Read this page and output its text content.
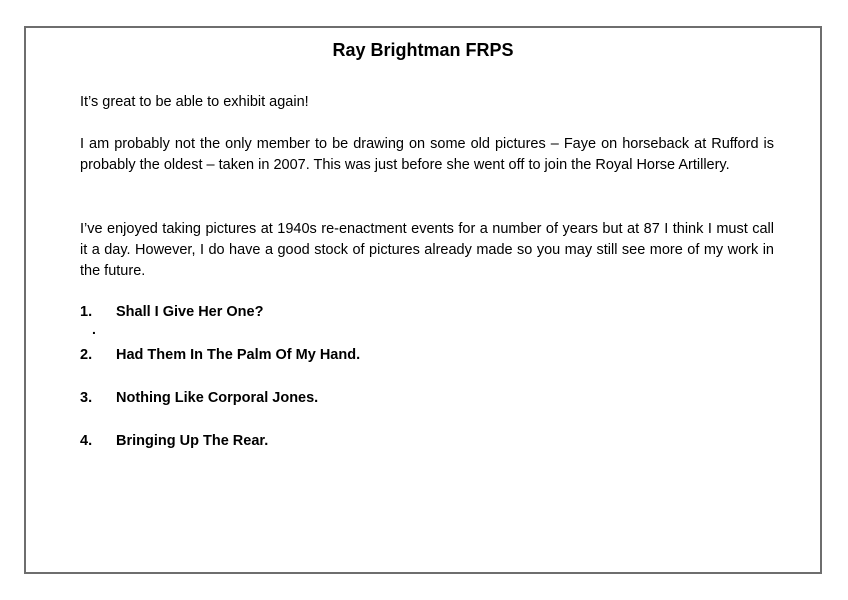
Ray Brightman FRPS

It’s great to be able to exhibit again!

I am probably not the only member to be drawing on some old pictures – Faye on horseback at Rufford is probably the oldest – taken in 2007. This was just before she went off to join the Royal Horse Artillery.

I’ve enjoyed taking pictures at 1940s re-enactment events for a number of years but at 87 I think I must call it a day. However, I do have a good stock of pictures already made so you may still see more of my work in the future.

1. Shall I Give Her One?
.
2. Had Them In The Palm Of My Hand.
3. Nothing Like Corporal Jones.
4. Bringing Up The Rear.
